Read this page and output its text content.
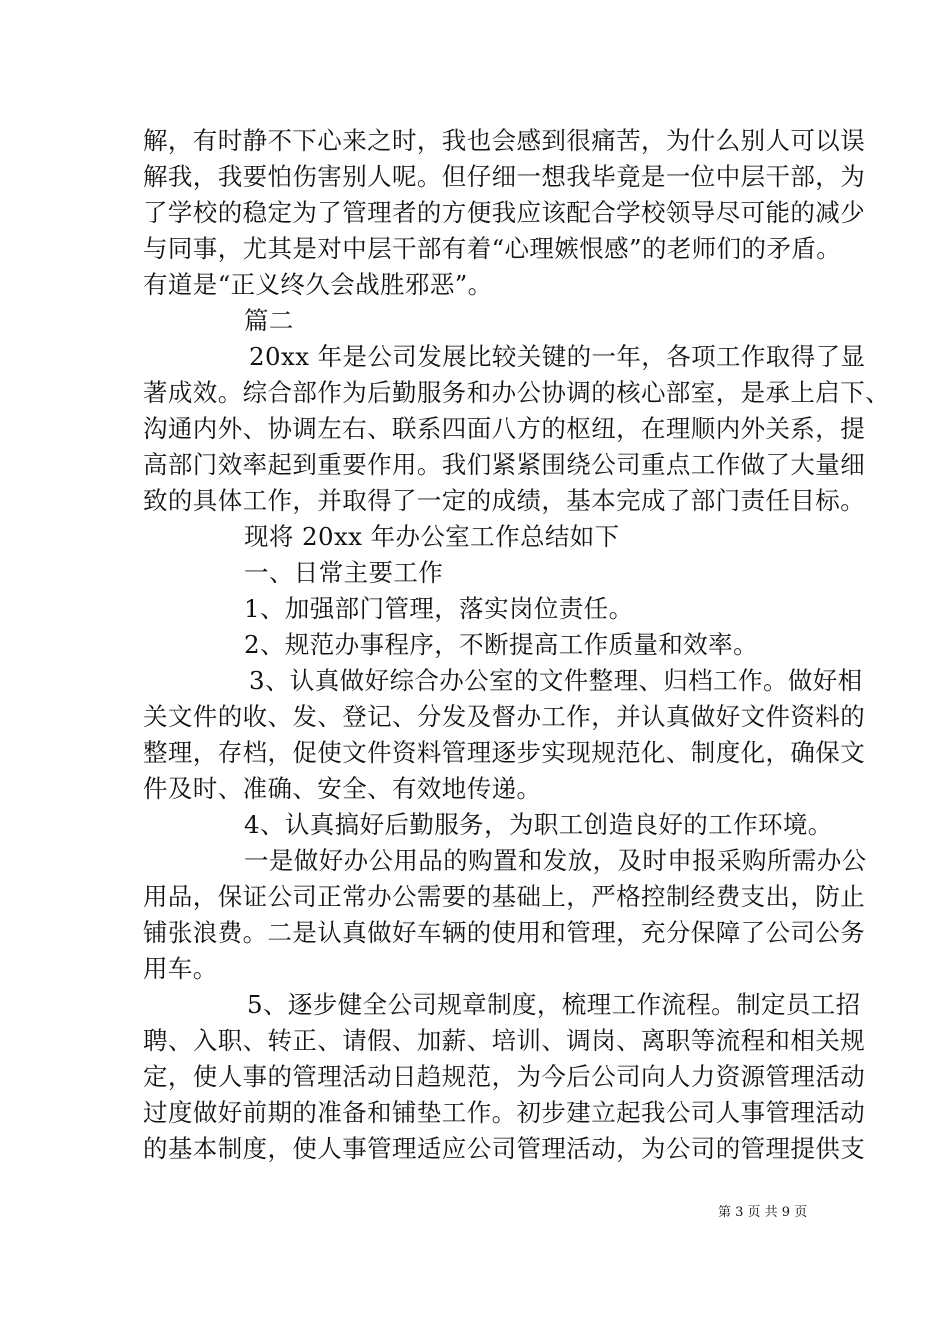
解，有时静不下心来之时，我也会感到很痛苦，为什么别人可以误
解我，我要怕伤害别人呢。但仔细一想我毕竟是一位中层干部，为
了学校的稳定为了管理者的方便我应该配合学校领导尽可能的减少
与同事，尤其是对中层干部有着“心理嫉恨感”的老师们的矛盾。
有道是“正义终久会战胜邪恶”。
篇二
20xx 年是公司发展比较关键的一年，各项工作取得了显
著成效。综合部作为后勤服务和办公协调的核心部室，是承上启下、
沟通内外、协调左右、联系四面八方的枢纽，在理顺内外关系，提
高部门效率起到重要作用。我们紧紧围绕公司重点工作做了大量细
致的具体工作，并取得了一定的成绩，基本完成了部门责任目标。
现将 20xx 年办公室工作总结如下
一、日常主要工作
1、加强部门管理，落实岗位责任。
2、规范办事程序，不断提高工作质量和效率。
3、认真做好综合办公室的文件整理、归档工作。做好相
关文件的收、发、登记、分发及督办工作，并认真做好文件资料的
整理，存档，促使文件资料管理逐步实现规范化、制度化，确保文
件及时、准确、安全、有效地传递。
4、认真搞好后勤服务，为职工创造良好的工作环境。
一是做好办公用品的购置和发放，及时申报采购所需办公
用品，保证公司正常办公需要的基础上，严格控制经费支出，防止
铺张浪费。二是认真做好车辆的使用和管理，充分保障了公司公务
用车。
5、逐步健全公司规章制度，梳理工作流程。制定员工招
聘、入职、转正、请假、加薪、培训、调岗、离职等流程和相关规
定，使人事的管理活动日趋规范，为今后公司向人力资源管理活动
过度做好前期的准备和铺垫工作。初步建立起我公司人事管理活动
的基本制度，使人事管理适应公司管理活动，为公司的管理提供支
第 3 页 共 9 页
